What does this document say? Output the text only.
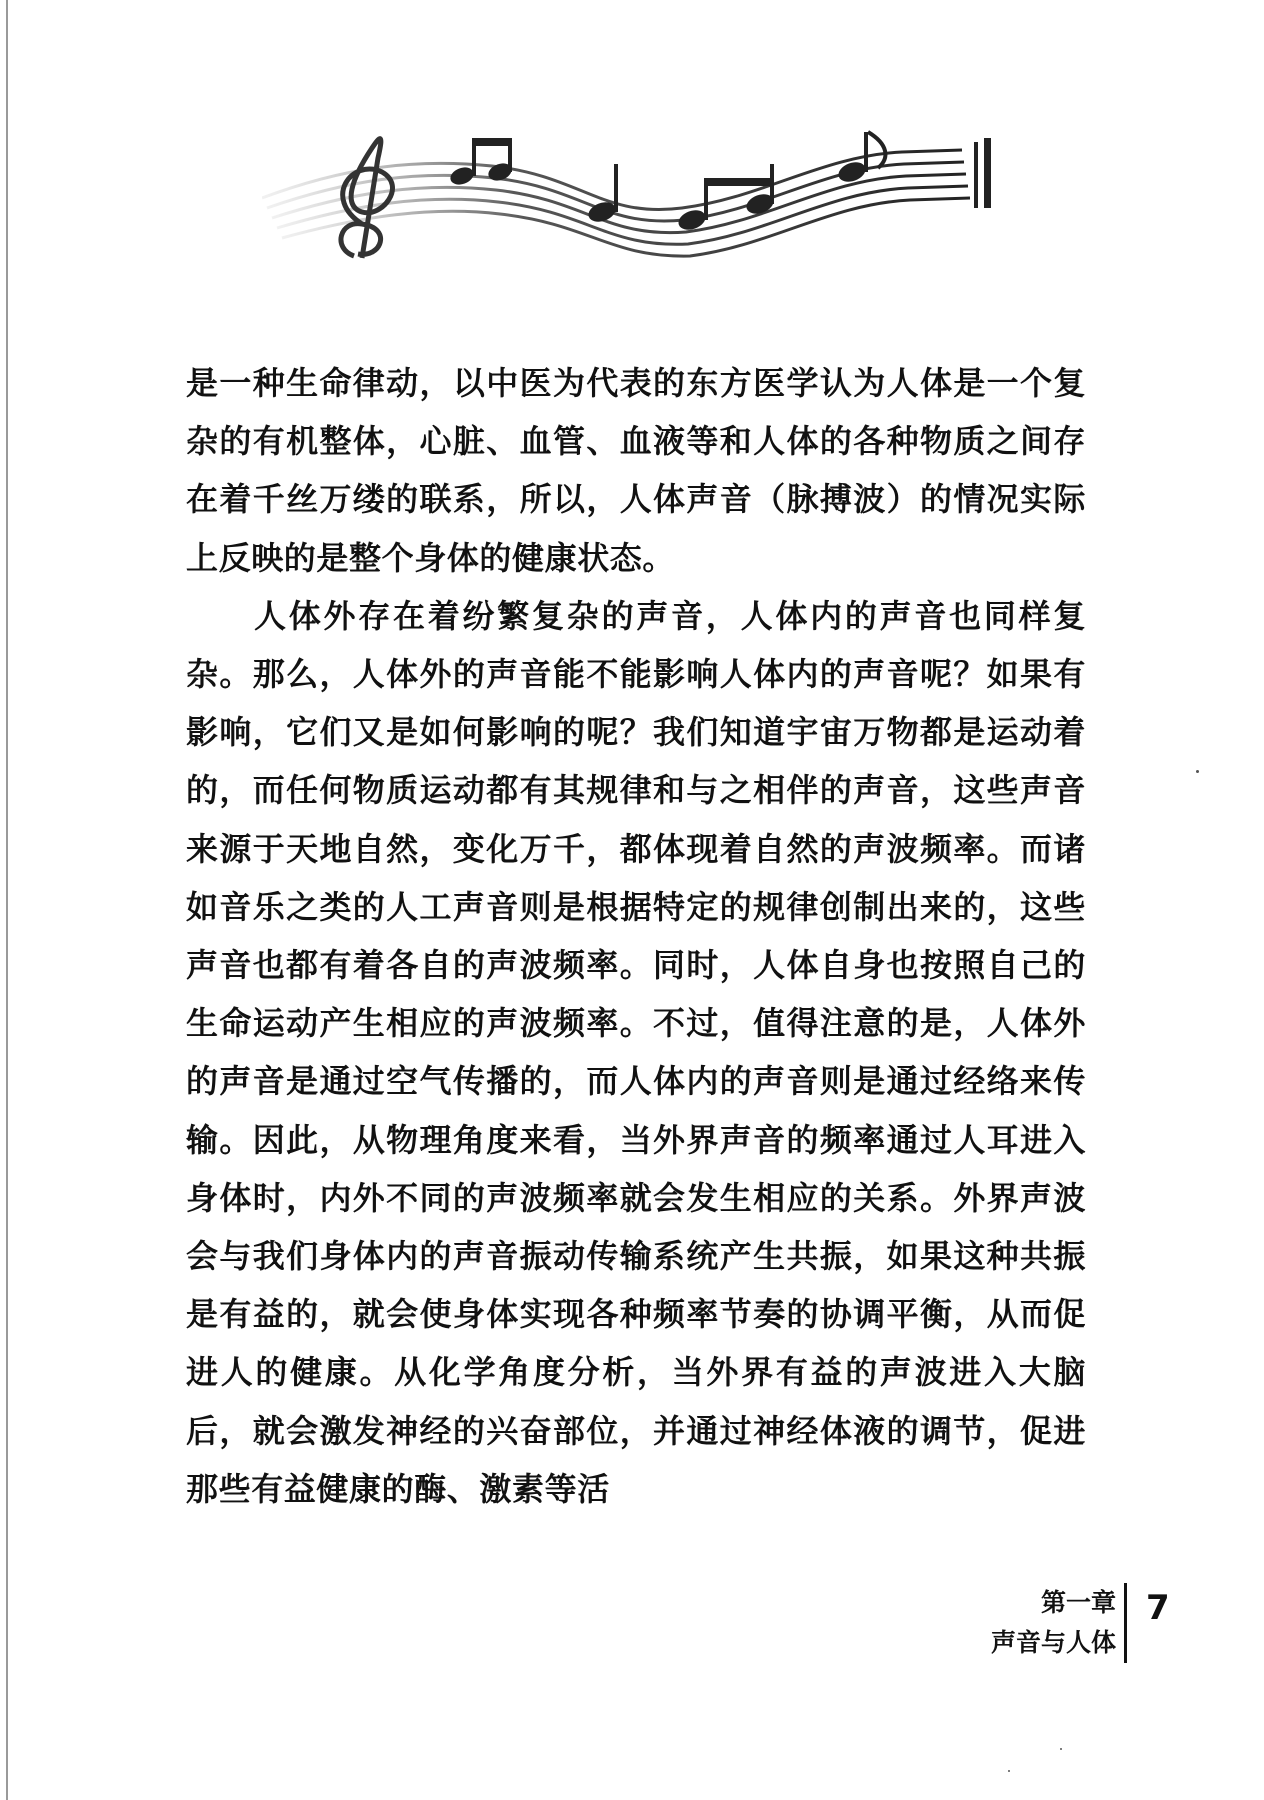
是一种生命律动，以中医为代表的东方医学认为人体是一个复杂的有机整体，心脏、血管、血液等和人体的各种物质之间存在着千丝万缕的联系，所以，人体声音（脉搏波）的情况实际上反映的是整个身体的健康状态。

人体外存在着纷繁复杂的声音，人体内的声音也同样复杂。那么，人体外的声音能不能影响人体内的声音呢？如果有影响，它们又是如何影响的呢？我们知道宇宙万物都是运动着的，而任何物质运动都有其规律和与之相伴的声音，这些声音来源于天地自然，变化万千，都体现着自然的声波频率。而诸如音乐之类的人工声音则是根据特定的规律创制出来的，这些声音也都有着各自的声波频率。同时，人体自身也按照自己的生命运动产生相应的声波频率。不过，值得注意的是，人体外的声音是通过空气传播的，而人体内的声音则是通过经络来传输。因此，从物理角度来看，当外界声音的频率通过人耳进入身体时，内外不同的声波频率就会发生相应的关系。外界声波会与我们身体内的声音振动传输系统产生共振，如果这种共振是有益的，就会使身体实现各种频率节奏的协调平衡，从而促进人的健康。从化学角度分析，当外界有益的声波进入大脑后，就会激发神经的兴奋部位，并通过神经体液的调节，促进那些有益健康的酶、激素等活

第一章
声音与人体
7
